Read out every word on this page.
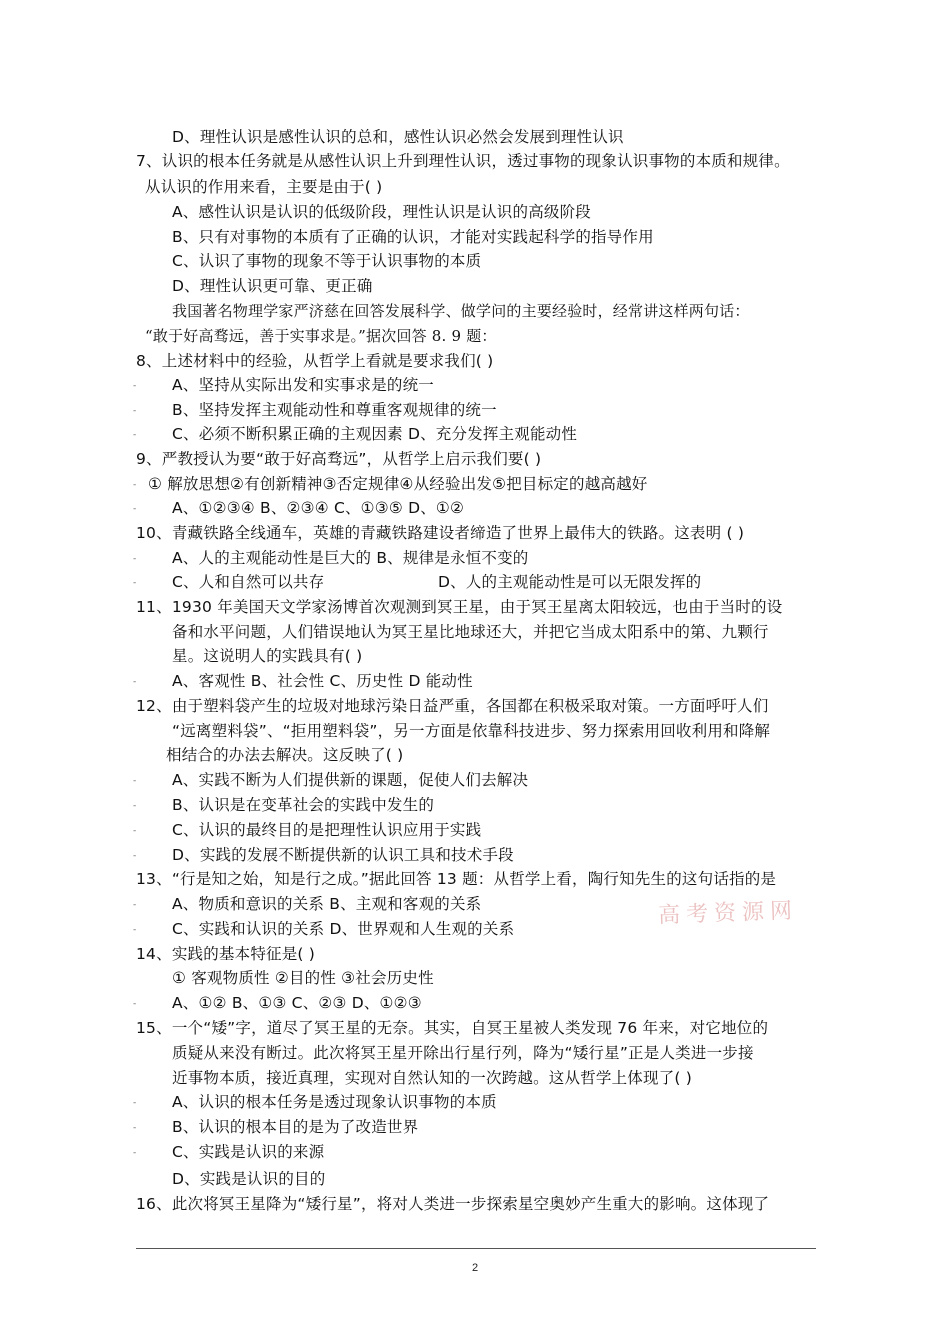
D、理性认识是感性认识的总和，感性认识必然会发展到理性认识
7、认识的根本任务就是从感性认识上升到理性认识，透过事物的现象认识事物的本质和规律。
从认识的作用来看，主要是由于( )
A、感性认识是认识的低级阶段，理性认识是认识的高级阶段
B、只有对事物的本质有了正确的认识，才能对实践起科学的指导作用
C、认识了事物的现象不等于认识事物的本质
D、理性认识更可靠、更正确
我国著名物理学家严济慈在回答发展科学、做学问的主要经验时，经常讲这样两句话：
“敢于好高骛远，善于实事求是。”据次回答 8. 9 题：
8、上述材料中的经验，从哲学上看就是要求我们( )
- A、坚持从实际出发和实事求是的统一
- B、坚持发挥主观能动性和尊重客观规律的统一
- C、必须不断积累正确的主观因素 D、充分发挥主观能动性
9、严教授认为要“敢于好高骛远”，从哲学上启示我们要( )
- ① 解放思想②有创新精神③否定规律④从经验出发⑤把目标定的越高越好
- A、①②③④ B、②③④ C、①③⑤ D、①②
10、青藏铁路全线通车，英雄的青藏铁路建设者缔造了世界上最伟大的铁路。这表明 ( )
- A、人的主观能动性是巨大的 B、规律是永恒不变的
- C、人和自然可以共存	D、人的主观能动性是可以无限发挥的
11、1930 年美国天文学家汤博首次观测到冥王星，由于冥王星离太阳较远，也由于当时的设
备和水平问题，人们错误地认为冥王星比地球还大，并把它当成太阳系中的第、九颗行
星。这说明人的实践具有( )
- A、客观性 B、社会性 C、历史性 D 能动性
12、由于塑料袋产生的垃圾对地球污染日益严重，各国都在积极采取对策。一方面呼吁人们
“远离塑料袋”、“拒用塑料袋”，另一方面是依靠科技进步、努力探索用回收利用和降解
相结合的办法去解决。这反映了( )
- A、实践不断为人们提供新的课题，促使人们去解决
- B、认识是在变革社会的实践中发生的
- C、认识的最终目的是把理性认识应用于实践
- D、实践的发展不断提供新的认识工具和技术手段
13、“行是知之始，知是行之成。”据此回答 13 题：从哲学上看，陶行知先生的这句话指的是
- A、物质和意识的关系 B、主观和客观的关系
- C、实践和认识的关系 D、世界观和人生观的关系
14、实践的基本特征是( )
① 客观物质性 ②目的性 ③社会历史性
- A、①② B、①③ C、②③ D、①②③
15、一个“矮”字，道尽了冥王星的无奈。其实，自冥王星被人类发现 76 年来，对它地位的
质疑从来没有断过。此次将冥王星开除出行星行列，降为“矮行星”正是人类进一步接
近事物本质，接近真理，实现对自然认知的一次跨越。这从哲学上体现了( )
- A、认识的根本任务是透过现象认识事物的本质
- B、认识的根本目的是为了改造世界
- C、实践是认识的来源
D、实践是认识的目的
16、此次将冥王星降为“矮行星”，将对人类进一步探索星空奥妙产生重大的影响。这体现了
高考资源网
2
